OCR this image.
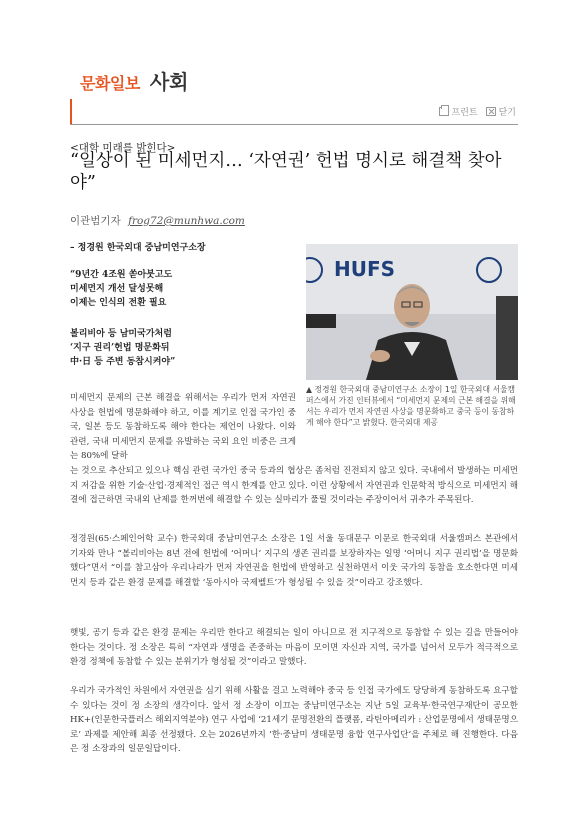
문화일보 사회
프린트 닫기
<대학 미래를 밝힌다>
“일상이 된 미세먼지… ‘자연권’ 헌법 명시로 해결책 찾아야”
이관범기자 frog72@munhwa.com
– 정경원 한국외대 중남미연구소장
“9년간 4조원 쏟아붓고도
미세먼지 개선 달성못해
이제는 인식의 전환 필요
볼리비아 등 남미국가처럼
‘지구 권리’헌법 명문화뒤
中·日 등 주변 동참시켜야”
HUFS
▲ 정경원 한국외대 중남미연구소 소장이 1일 한국외대 서울캠퍼스에서 가진 인터뷰에서 “미세먼지 문제의 근본 해결을 위해서는 우리가 먼저 자연권 사상을 명문화하고 중국 등이 동참하게 해야 한다”고 밝혔다. 한국외대 제공

미세먼지 문제의 근본 해결을 위해서는 우리가 먼저 자연권 사상을 헌법에 명문화해야 하고, 이를 계기로 인접 국가인 중국, 일본 등도 동참하도록 해야 한다는 제언이 나왔다. 이와 관련, 국내 미세먼지 문제를 유발하는 국외 요인 비중은 크게는 80%에 달하

는 것으로 추산되고 있으나 핵심 관련 국가인 중국 등과의 협상은 좀처럼 진전되지 않고 있다. 국내에서 발생하는 미세먼지 저감을 위한 기술·산업·경제적인 접근 역시 한계를 안고 있다. 이런 상황에서 자연권과 인문학적 방식으로 미세먼지 해결에 접근하면 국내외 난제를 한꺼번에 해결할 수 있는 실마리가 풀릴 것이라는 주장이어서 귀추가 주목된다.

정경원(65·스페인어학 교수) 한국외대 중남미연구소 소장은 1일 서울 동대문구 이문로 한국외대 서울캠퍼스 본관에서 기자와 만나 “볼리비아는 8년 전에 헌법에 ‘어머니’ 지구의 생존 권리를 보장하자는 일명 ‘어머니 지구 권리법’을 명문화했다”면서 “이를 참고삼아 우리나라가 먼저 자연권을 헌법에 반영하고 실천하면서 이웃 국가의 동참을 호소한다면 미세먼지 등과 같은 환경 문제를 해결할 ‘동아시아 국제벨트’가 형성될 수 있을 것”이라고 강조했다.

햇빛, 공기 등과 같은 환경 문제는 우리만 한다고 해결되는 일이 아니므로 전 지구적으로 동참할 수 있는 길을 만들어야 한다는 것이다. 정 소장은 특히 “자연과 생명을 존중하는 마음이 모이면 자신과 지역, 국가를 넘어서 모두가 적극적으로 환경 정책에 동참할 수 있는 분위기가 형성될 것”이라고 말했다.

우리가 국가적인 차원에서 자연권을 심기 위해 사활을 걸고 노력해야 중국 등 인접 국가에도 당당하게 동참하도록 요구할 수 있다는 것이 정 소장의 생각이다. 앞서 정 소장이 이끄는 중남미연구소는 지난 5일 교육부·한국연구재단이 공모한 HK+(인문한국플러스 해외지역분야) 연구 사업에 ‘21세기 문명전환의 플랫폼, 라틴아메리카 : 산업문명에서 생태문명으로’ 과제를 제안해 최종 선정됐다. 오는 2026년까지 ‘한·중남미 생태문명 융합 연구사업단’을 주체로 해 진행한다. 다음은 정 소장과의 일문일답이다.
